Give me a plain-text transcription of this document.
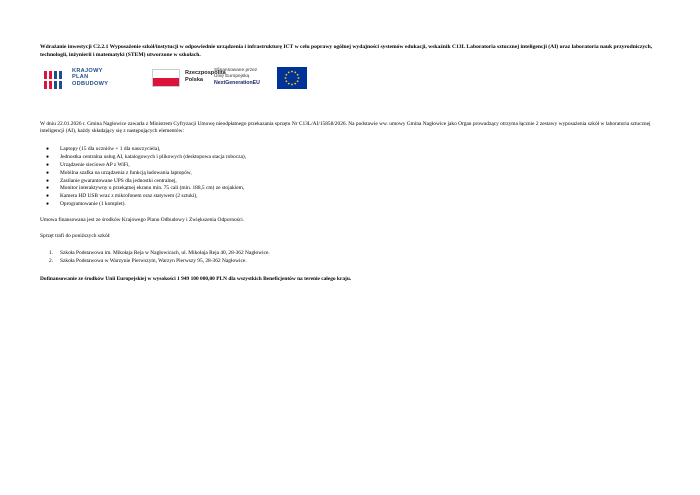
Wdrażanie inwestycji C2.2.1 Wyposażenie szkół/instytucji w odpowiednie urządzenia i infrastrukturę ICT w celu poprawy ogólnej wydajności systemów edukacji, wskaźnik C13L Laboratoria sztucznej inteligencji (AI) oraz laboratoria nauk przyrodniczych, technologii, inżynierii i matematyki (STEM) utworzone w szkołach.
KRAJOWY
PLAN
ODBUDOWY
Rzeczpospolita
Polska
Sfinansowane przez
Unię Europejską
NextGenerationEU

W dniu 22.01.2026 r. Gmina Nagłowice zawarła z Ministrem Cyfryzacji Umowę nieodpłatnego przekazania sprzętu Nr C13L/AI/15858/2026. Na podstawie ww. umowy Gmina Nagłowice jako Organ prowadzący otrzyma łącznie 2 zestawy wyposażenia szkół w laboratoria sztucznej inteligencji (AI), każdy składający się z następujących elementów:

● Laptopy (15 dla uczniów + 1 dla nauczyciela),
● Jednostka centralna usług AI, katalogowych i plikowych (desktopowa stacja robocza),
● Urządzenie sieciowe AP z WiFi,
● Mobilna szafka na urządzenia z funkcją ładowania laptopów,
● Zasilanie gwarantowane UPS dla jednostki centralnej,
● Monitor interaktywny o przekątnej ekranu min. 75 cali (min. 188,5 cm) ze stojakiem,
● Kamera HD USB wraz z mikrofonem oraz statywem (2 sztuki),
● Oprogramowanie (1 komplet).

Umowa finansowana jest ze środków Krajowego Planu Odbudowy i Zwiększenia Odporności.

Sprzęt trafi do poniższych szkół:

1. Szkoła Podstawowa im. Mikołaja Reja w Nagłowicach, ul. Mikołaja Reja 40, 28-362 Nagłowice.
2. Szkoła Podstawowa w Warzynie Pierwszym, Warzyn Pierwszy 95, 28-362 Nagłowice.

Dofinansowanie ze środków Unii Europejskiej w wysokości 1 949 100 000,00 PLN dla wszystkich Beneficjentów na terenie całego kraju.
